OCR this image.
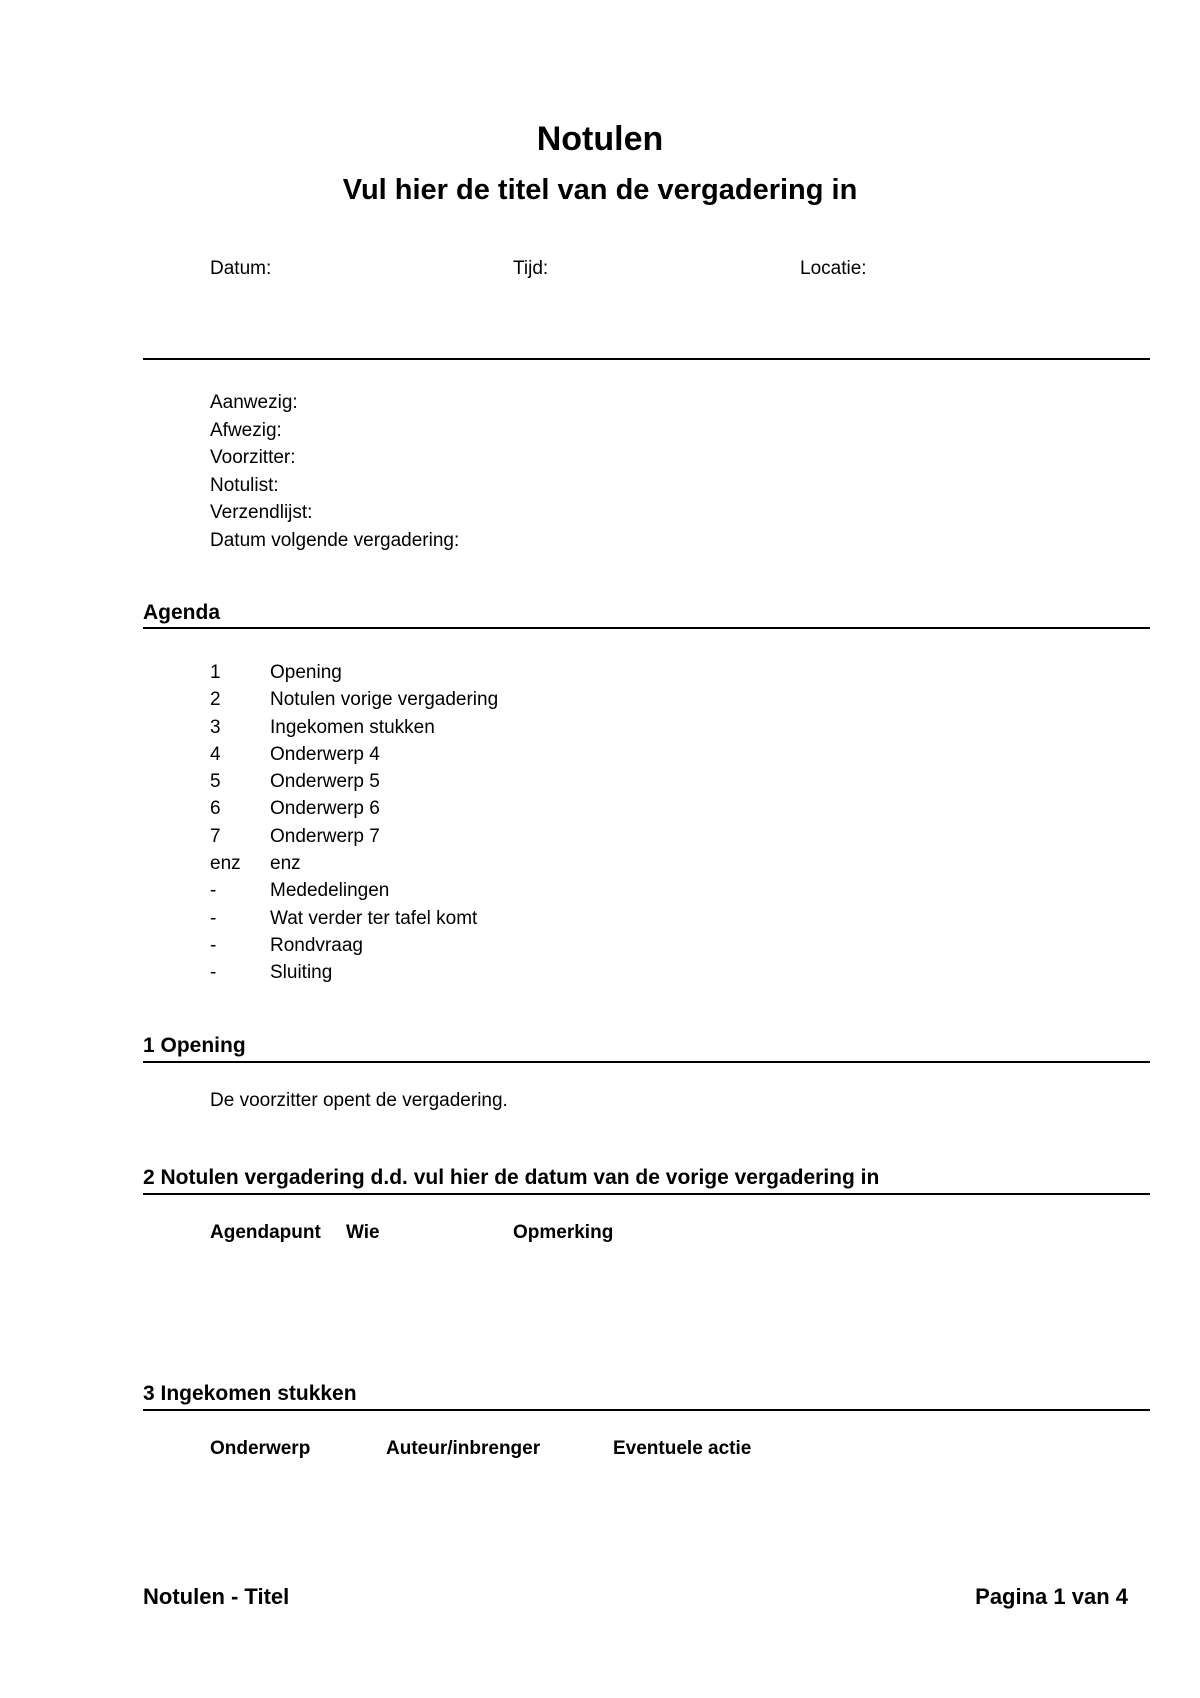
Notulen
Vul hier de titel van de vergadering in
Datum:	Tijd:	Locatie:
Aanwezig:
Afwezig:
Voorzitter:
Notulist:
Verzendlijst:
Datum volgende vergadering:
Agenda
1	Opening
2	Notulen vorige vergadering
3	Ingekomen stukken
4	Onderwerp 4
5	Onderwerp 5
6	Onderwerp 6
7	Onderwerp 7
enz	enz
-	Mededelingen
-	Wat verder ter tafel komt
-	Rondvraag
-	Sluiting
1 Opening
De voorzitter opent de vergadering.
2 Notulen vergadering d.d. vul hier de datum van de vorige vergadering in
Agendapunt Wie	Opmerking
3 Ingekomen stukken
Onderwerp	Auteur/inbrenger	Eventuele actie
Notulen - Titel	Pagina 1 van 4
